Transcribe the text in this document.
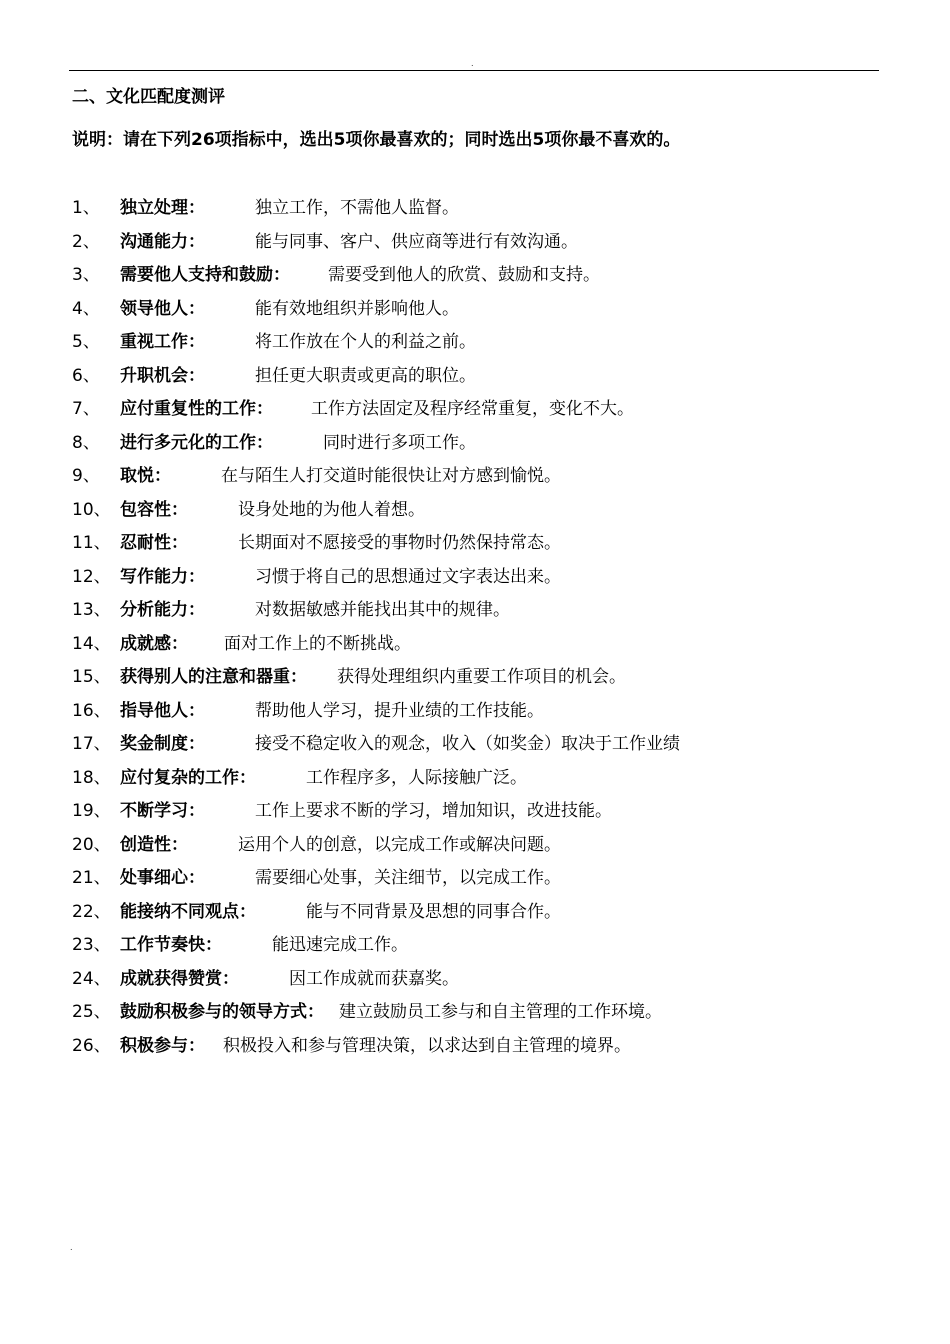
.
二、文化匹配度测评
说明：请在下列26项指标中，选出5项你最喜欢的；同时选出5项你最不喜欢的。
1、 独立处理：	独立工作，不需他人监督。
2、 沟通能力：	能与同事、客户、供应商等进行有效沟通。
3、 需要他人支持和鼓励： 需要受到他人的欣赏、鼓励和支持。
4、 领导他人：	能有效地组织并影响他人。
5、 重视工作：	将工作放在个人的利益之前。
6、 升职机会：	担任更大职责或更高的职位。
7、 应付重复性的工作： 工作方法固定及程序经常重复，变化不大。
8、 进行多元化的工作：	同时进行多项工作。
9、 取悦：	在与陌生人打交道时能很快让对方感到愉悦。
10、 包容性：	设身处地的为他人着想。
11、 忍耐性：	长期面对不愿接受的事物时仍然保持常态。
12、 写作能力：	习惯于将自己的思想通过文字表达出来。
13、 分析能力：	对数据敏感并能找出其中的规律。
14、 成就感： 面对工作上的不断挑战。
15、 获得别人的注意和器重： 获得处理组织内重要工作项目的机会。
16、 指导他人：	帮助他人学习，提升业绩的工作技能。
17、 奖金制度：	接受不稳定收入的观念，收入（如奖金）取决于工作业绩
18、 应付复杂的工作：	工作程序多，人际接触广泛。
19、 不断学习：	工作上要求不断的学习，增加知识，改进技能。
20、 创造性：	运用个人的创意，以完成工作或解决问题。
21、 处事细心：	需要细心处事，关注细节，以完成工作。
22、 能接纳不同观点：	能与不同背景及思想的同事合作。
23、 工作节奏快：	能迅速完成工作。
24、 成就获得赞赏：	因工作成就而获嘉奖。
25、 鼓励积极参与的领导方式： 建立鼓励员工参与和自主管理的工作环境。
26、 积极参与： 积极投入和参与管理决策，以求达到自主管理的境界。
.
